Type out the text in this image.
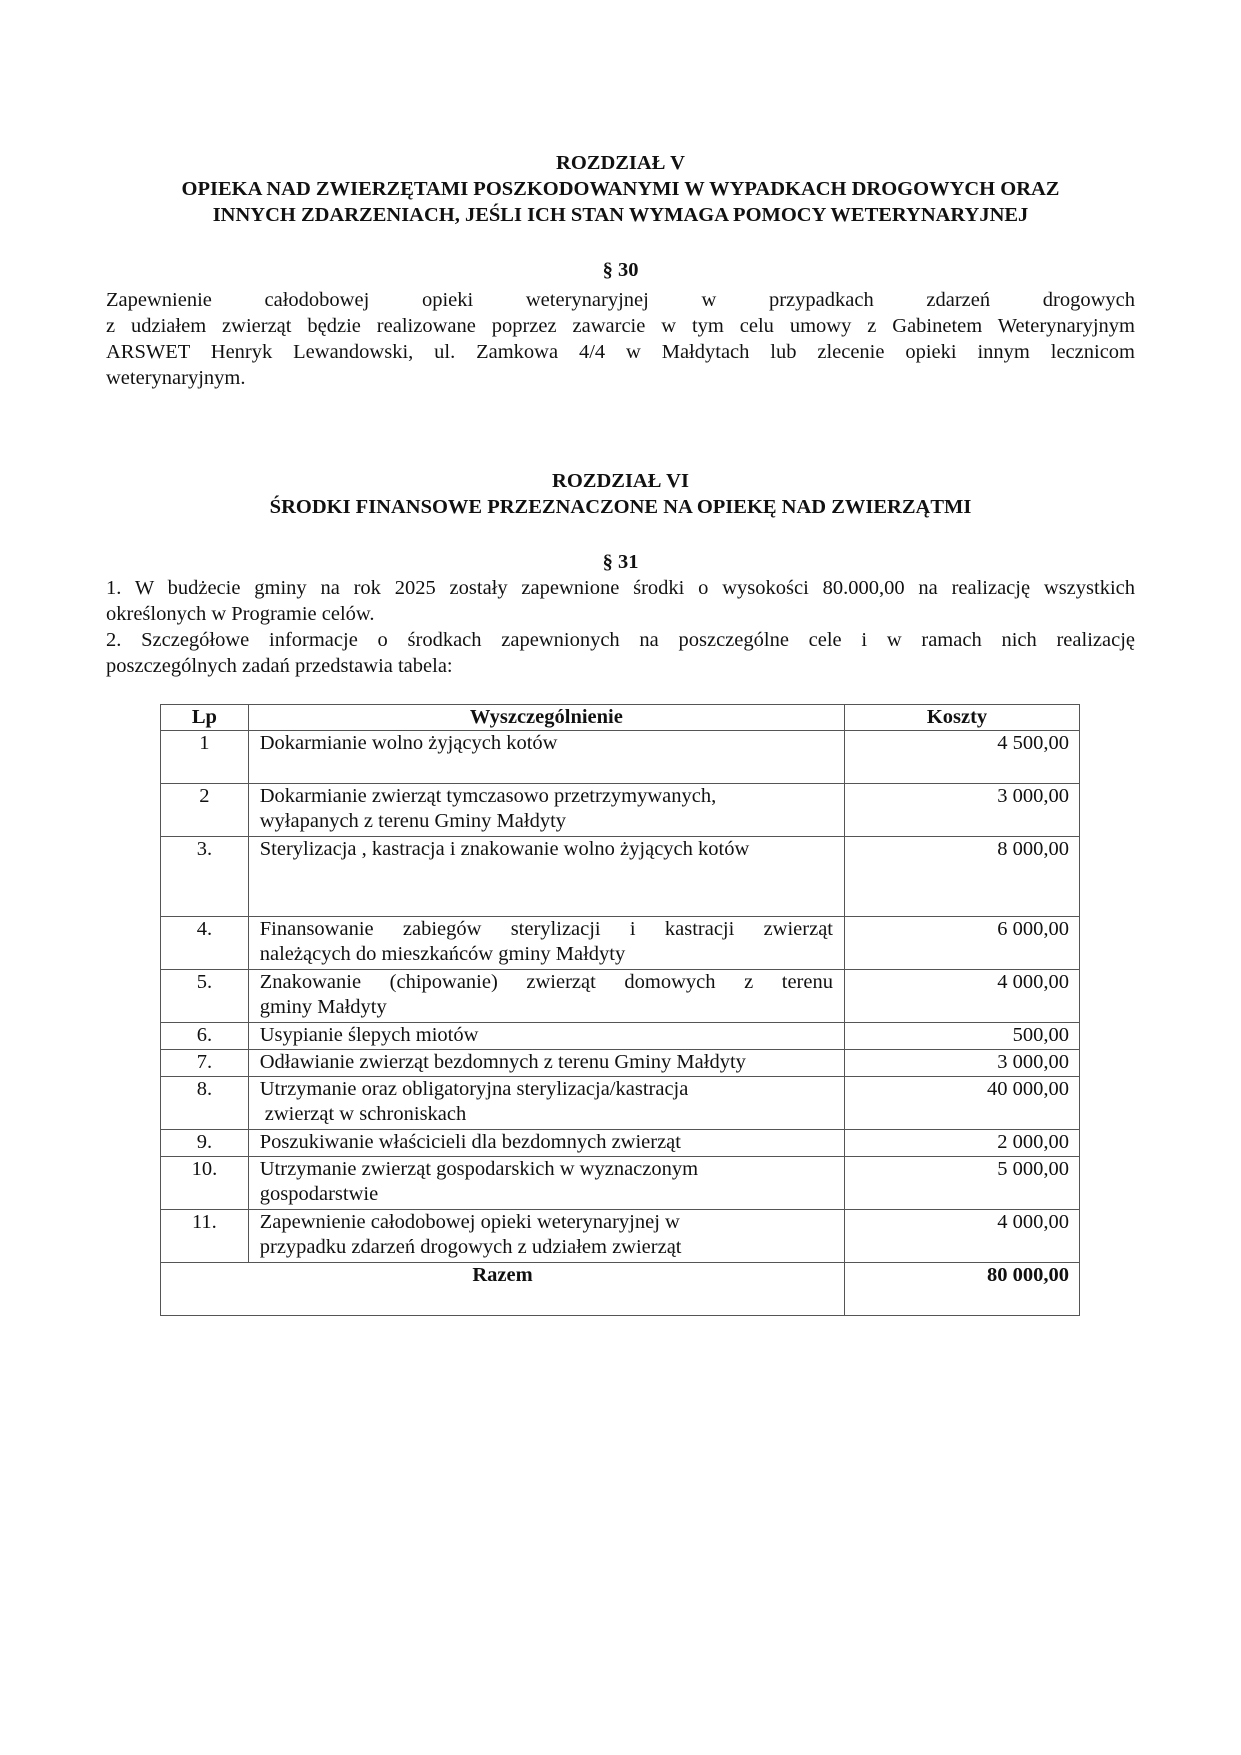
ROZDZIAŁ V
OPIEKA NAD ZWIERZĘTAMI POSZKODOWANYMI W WYPADKACH DROGOWYCH ORAZ
INNYCH ZDARZENIACH, JEŚLI ICH STAN WYMAGA POMOCY WETERYNARYJNEJ
§ 30
Zapewnienie całodobowej opieki weterynaryjnej w przypadkach zdarzeń drogowych
z udziałem zwierząt będzie realizowane poprzez zawarcie w tym celu umowy z Gabinetem Weterynaryjnym
ARSWET Henryk Lewandowski, ul. Zamkowa 4/4 w Małdytach lub zlecenie opieki innym lecznicom
weterynaryjnym.
ROZDZIAŁ VI
ŚRODKI FINANSOWE PRZEZNACZONE NA OPIEKĘ NAD ZWIERZĄTMI
§ 31
1. W budżecie gminy na rok 2025 zostały zapewnione środki o wysokości 80.000,00 na realizację wszystkich
określonych w Programie celów.
2. Szczegółowe informacje o środkach zapewnionych na poszczególne cele i w ramach nich realizację
poszczególnych zadań przedstawia tabela:
Lp	Wyszczególnienie	Koszty
1	Dokarmianie wolno żyjących kotów	4 500,00
2	Dokarmianie zwierząt tymczasowo przetrzymywanych,
wyłapanych z terenu Gminy Małdyty	3 000,00
3.	Sterylizacja , kastracja i znakowanie wolno żyjących kotów	8 000,00
4.	Finansowanie zabiegów sterylizacji i kastracji zwierząt
należących do mieszkańców gminy Małdyty	6 000,00
5.	Znakowanie (chipowanie) zwierząt domowych z terenu
gminy Małdyty	4 000,00
6.	Usypianie ślepych miotów	500,00
7.	Odławianie zwierząt bezdomnych z terenu Gminy Małdyty	3 000,00
8.	Utrzymanie oraz obligatoryjna sterylizacja/kastracja
zwierząt w schroniskach	40 000,00
9.	Poszukiwanie właścicieli dla bezdomnych zwierząt	2 000,00
10.	Utrzymanie zwierząt gospodarskich w wyznaczonym
gospodarstwie	5 000,00
11.	Zapewnienie całodobowej opieki weterynaryjnej w
przypadku zdarzeń drogowych z udziałem zwierząt	4 000,00
Razem		80 000,00
